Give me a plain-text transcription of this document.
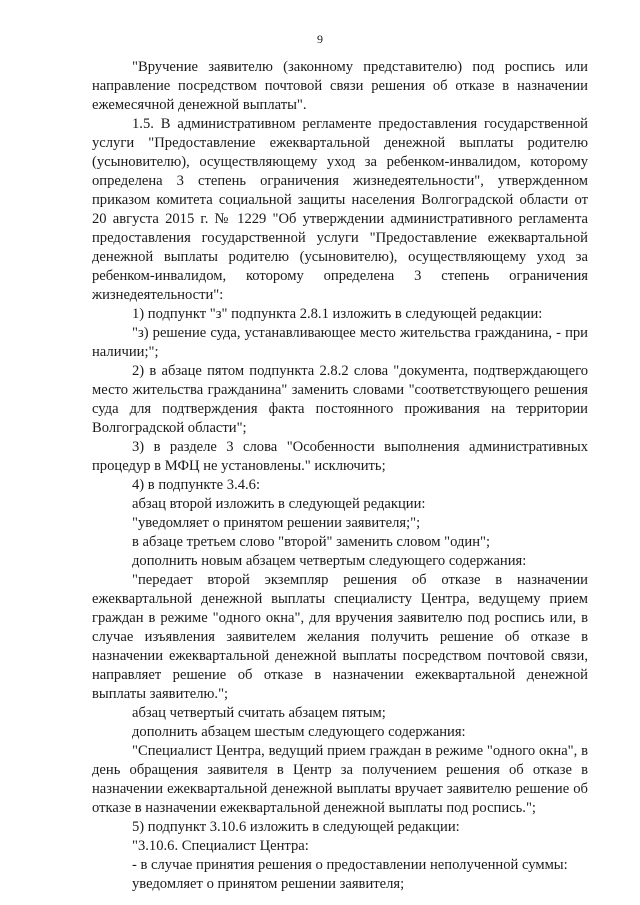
9

"Вручение заявителю (законному представителю) под роспись или направление посредством почтовой связи решения об отказе в назначении ежемесячной денежной выплаты".

1.5. В административном регламенте предоставления государственной услуги "Предоставление ежеквартальной денежной выплаты родителю (усыновителю), осуществляющему уход за ребенком-инвалидом, которому определена 3 степень ограничения жизнедеятельности", утвержденном приказом комитета социальной защиты населения Волгоградской области от 20 августа 2015 г. № 1229 "Об утверждении административного регламента предоставления государственной услуги "Предоставление ежеквартальной денежной выплаты родителю (усыновителю), осуществляющему уход за ребенком-инвалидом, которому определена 3 степень ограничения жизнедеятельности":

1) подпункт "з" подпункта 2.8.1 изложить в следующей редакции:

"з) решение суда, устанавливающее место жительства гражданина, - при наличии;";

2) в абзаце пятом подпункта 2.8.2 слова "документа, подтверждающего место жительства гражданина" заменить словами "соответствующего решения суда для подтверждения факта постоянного проживания на территории Волгоградской области";

3) в разделе 3 слова "Особенности выполнения административных процедур в МФЦ не установлены." исключить;

4) в подпункте 3.4.6:

абзац второй изложить в следующей редакции:

"уведомляет о принятом решении заявителя;";

в абзаце третьем слово "второй" заменить словом "один";

дополнить новым абзацем четвертым следующего содержания:

"передает второй экземпляр решения об отказе в назначении ежеквартальной денежной выплаты специалисту Центра, ведущему прием граждан в режиме "одного окна", для вручения заявителю под роспись или, в случае изъявления заявителем желания получить решение об отказе в назначении ежеквартальной денежной выплаты посредством почтовой связи, направляет решение об отказе в назначении ежеквартальной денежной выплаты заявителю.";

абзац четвертый считать абзацем пятым;

дополнить абзацем шестым следующего содержания:

"Специалист Центра, ведущий прием граждан в режиме "одного окна", в день обращения заявителя в Центр за получением решения об отказе в назначении ежеквартальной денежной выплаты вручает заявителю решение об отказе в назначении ежеквартальной денежной выплаты под роспись.";

5) подпункт 3.10.6 изложить в следующей редакции:

"3.10.6. Специалист Центра:

- в случае принятия решения о предоставлении неполученной суммы:

уведомляет о принятом решении заявителя;
